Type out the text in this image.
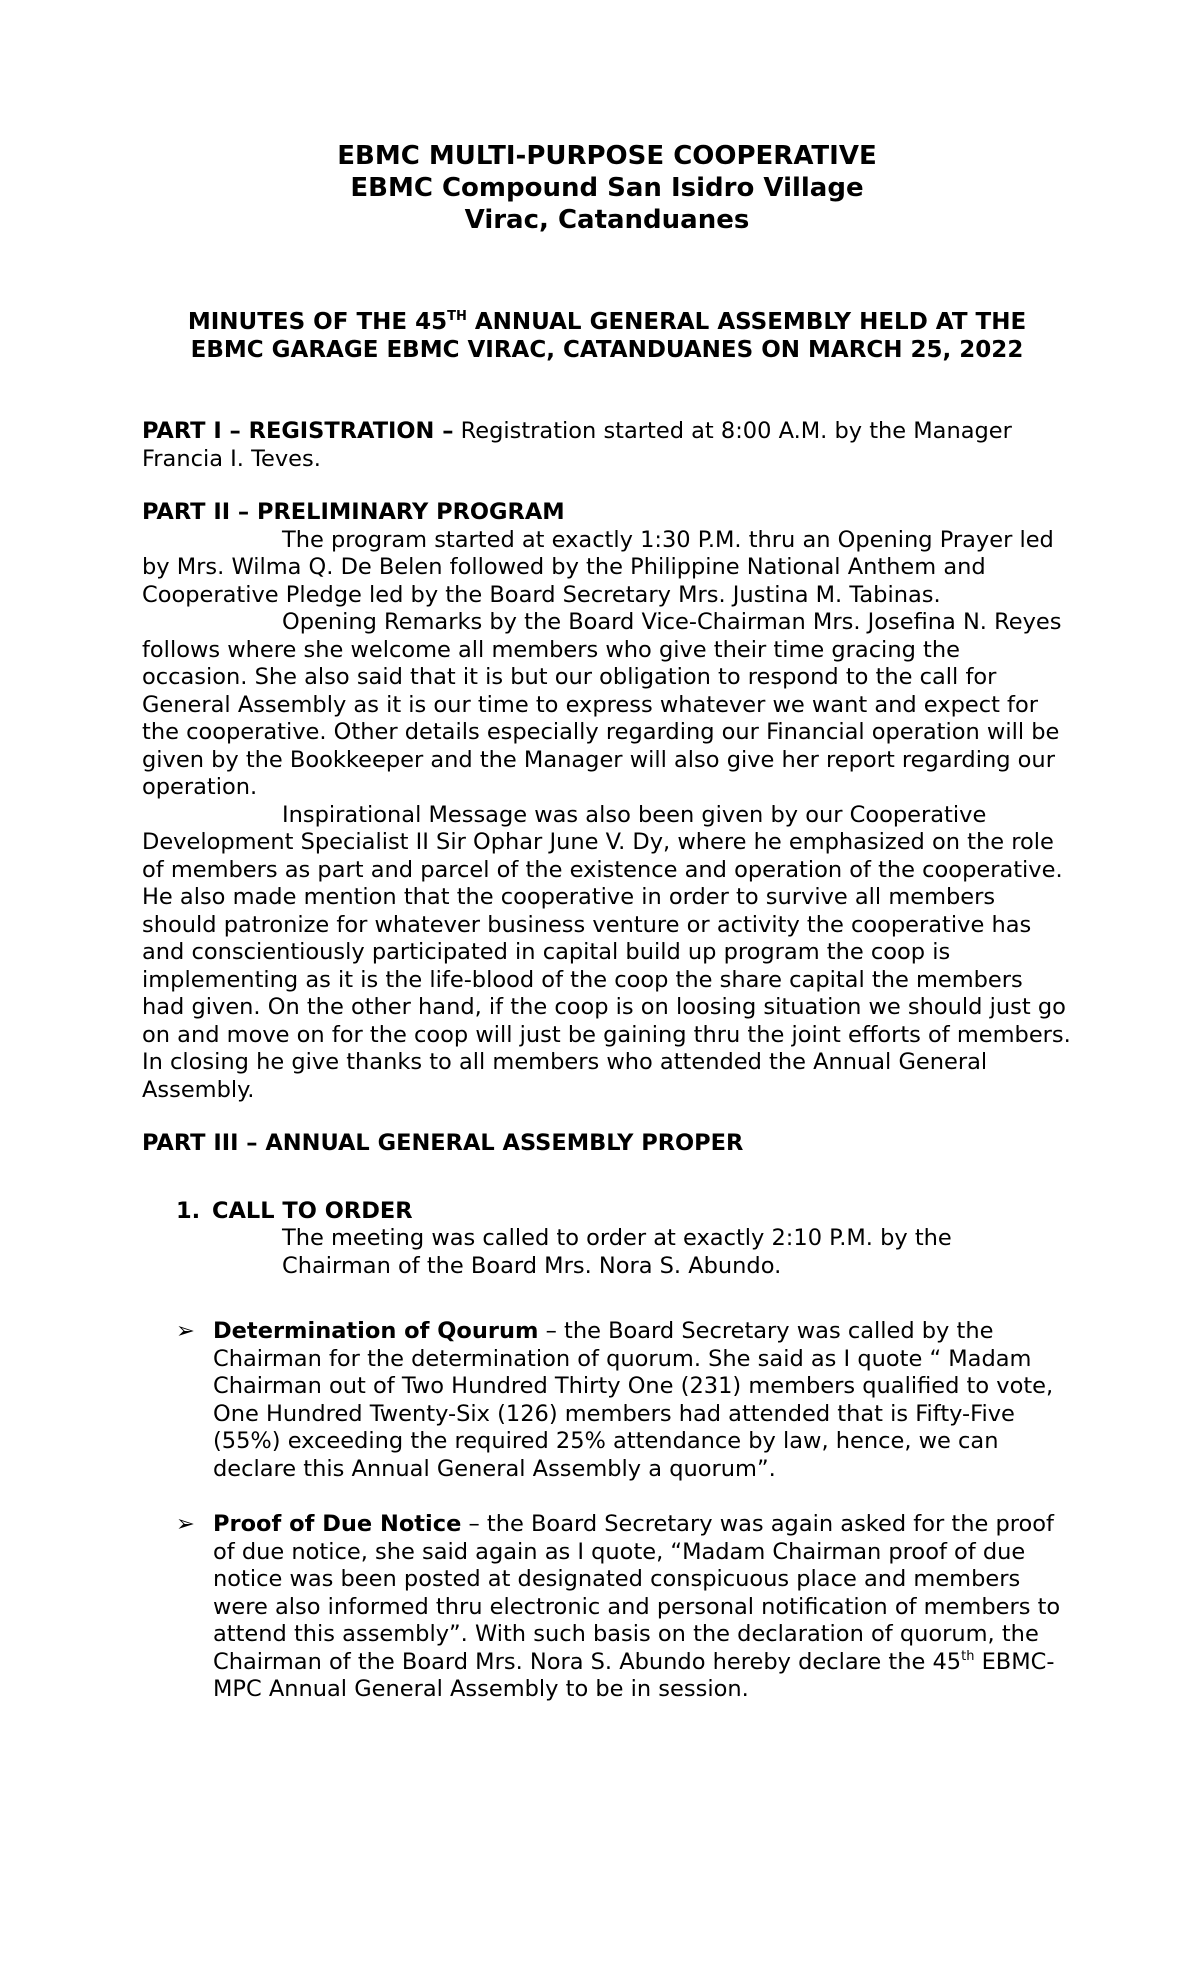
EBMC MULTI-PURPOSE COOPERATIVE

EBMC Compound San Isidro Village

Virac, Catanduanes

MINUTES OF THE 45TH ANNUAL GENERAL ASSEMBLY HELD AT THE
EBMC GARAGE EBMC VIRAC, CATANDUANES ON MARCH 25, 2022

PART I – REGISTRATION – Registration started at 8:00 A.M. by the Manager Francia I. Teves.

PART II – PRELIMINARY PROGRAM

The program started at exactly 1:30 P.M. thru an Opening Prayer led by Mrs. Wilma Q. De Belen followed by the Philippine National Anthem and Cooperative Pledge led by the Board Secretary Mrs. Justina M. Tabinas.

Opening Remarks by the Board Vice-Chairman Mrs. Josefina N. Reyes follows where she welcome all members who give their time gracing the occasion. She also said that it is but our obligation to respond to the call for General Assembly as it is our time to express whatever we want and expect for the cooperative. Other details especially regarding our Financial operation will be given by the Bookkeeper and the Manager will also give her report regarding our operation.

Inspirational Message was also been given by our Cooperative Development Specialist II Sir Ophar June V. Dy, where he emphasized on the role of members as part and parcel of the existence and operation of the cooperative. He also made mention that the cooperative in order to survive all members should patronize for whatever business venture or activity the cooperative has and conscientiously participated in capital build up program the coop is implementing as it is the life-blood of the coop the share capital the members had given. On the other hand, if the coop is on loosing situation we should just go on and move on for the coop will just be gaining thru the joint efforts of members. In closing he give thanks to all members who attended the Annual General Assembly.

PART III – ANNUAL GENERAL ASSEMBLY PROPER

1. CALL TO ORDER
The meeting was called to order at exactly 2:10 P.M. by the
Chairman of the Board Mrs. Nora S. Abundo.
➢ Determination of Qourum – the Board Secretary was called by the Chairman for the determination of quorum. She said as I quote “ Madam Chairman out of Two Hundred Thirty One (231) members qualified to vote, One Hundred Twenty-Six (126) members had attended that is Fifty-Five (55%) exceeding the required 25% attendance by law, hence, we can declare this Annual General Assembly a quorum”.

➢ Proof of Due Notice – the Board Secretary was again asked for the proof of due notice, she said again as I quote, “Madam Chairman proof of due notice was been posted at designated conspicuous place and members were also informed thru electronic and personal notification of members to attend this assembly”. With such basis on the declaration of quorum, the Chairman of the Board Mrs. Nora S. Abundo hereby declare the 45th EBMC-MPC Annual General Assembly to be in session.
